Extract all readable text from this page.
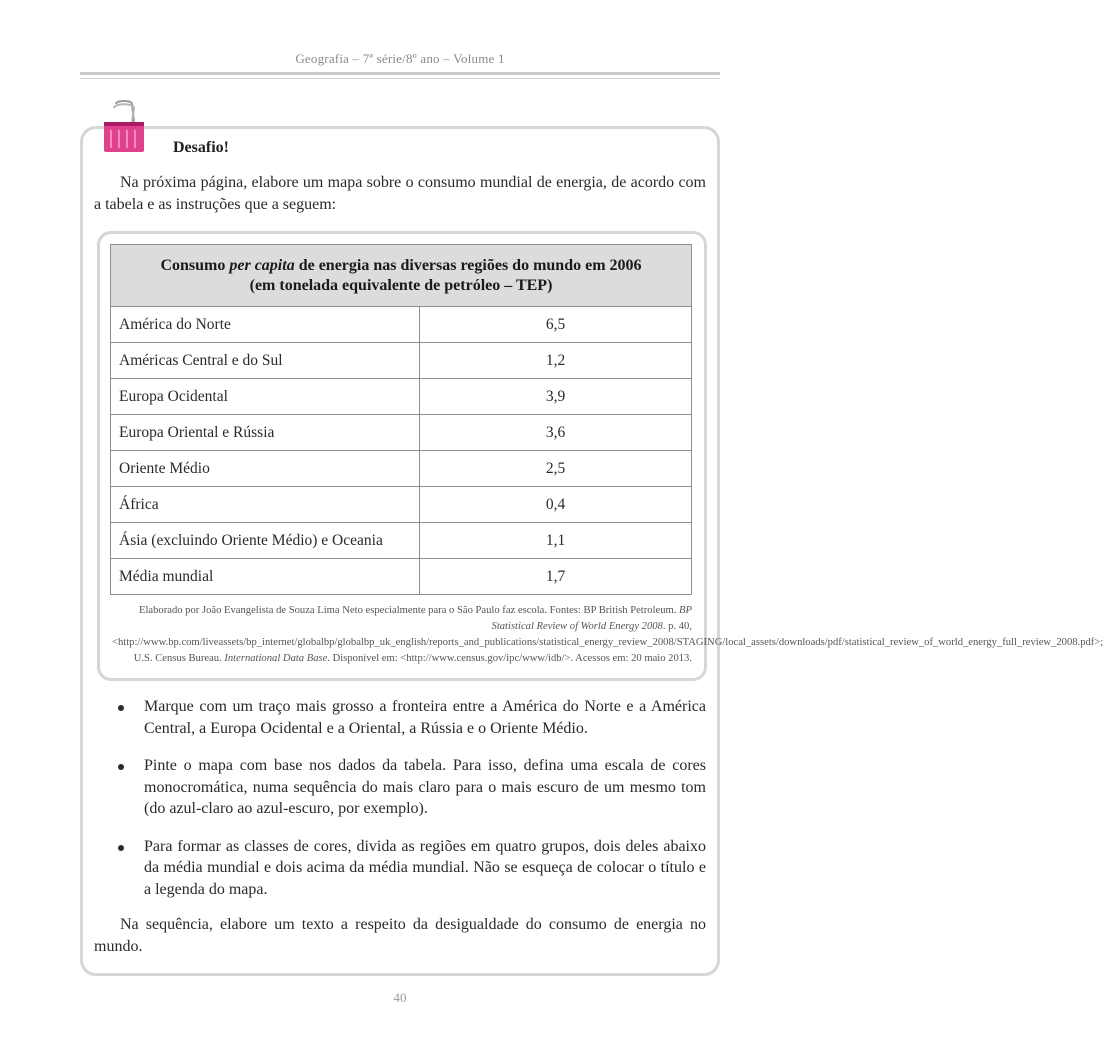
Geografia – 7ª série/8º ano – Volume 1
Desafio!

Na próxima página, elabore um mapa sobre o consumo mundial de energia, de acordo com a tabela e as instruções que a seguem:

Consumo per capita de energia nas diversas regiões do mundo em 2006
(em tonelada equivalente de petróleo – TEP)	
América do Norte	6,5
Américas Central e do Sul	1,2
Europa Ocidental	3,9
Europa Oriental e Rússia	3,6
Oriente Médio	2,5
África	0,4
Ásia (excluindo Oriente Médio) e Oceania	1,1
Média mundial	1,7

Elaborado por João Evangelista de Souza Lima Neto especialmente para o São Paulo faz escola. Fontes: BP British Petroleum. BP Statistical Review of World Energy 2008. p. 40, <http://www.bp.com/liveassets/bp_internet/globalbp/globalbp_uk_english/reports_and_publications/statistical_energy_review_2008/STAGING/local_assets/downloads/pdf/statistical_review_of_world_energy_full_review_2008.pdf>; U.S. Census Bureau. International Data Base. Disponível em: <http://www.census.gov/ipc/www/idb/>. Acessos em: 20 maio 2013.

Marque com um traço mais grosso a fronteira entre a América do Norte e a América Central, a Europa Ocidental e a Oriental, a Rússia e o Oriente Médio.
Pinte o mapa com base nos dados da tabela. Para isso, defina uma escala de cores monocromática, numa sequência do mais claro para o mais escuro de um mesmo tom (do azul-claro ao azul-escuro, por exemplo).
Para formar as classes de cores, divida as regiões em quatro grupos, dois deles abaixo da média mundial e dois acima da média mundial. Não se esqueça de colocar o título e a legenda do mapa.

Na sequência, elabore um texto a respeito da desigualdade do consumo de energia no mundo.

40
